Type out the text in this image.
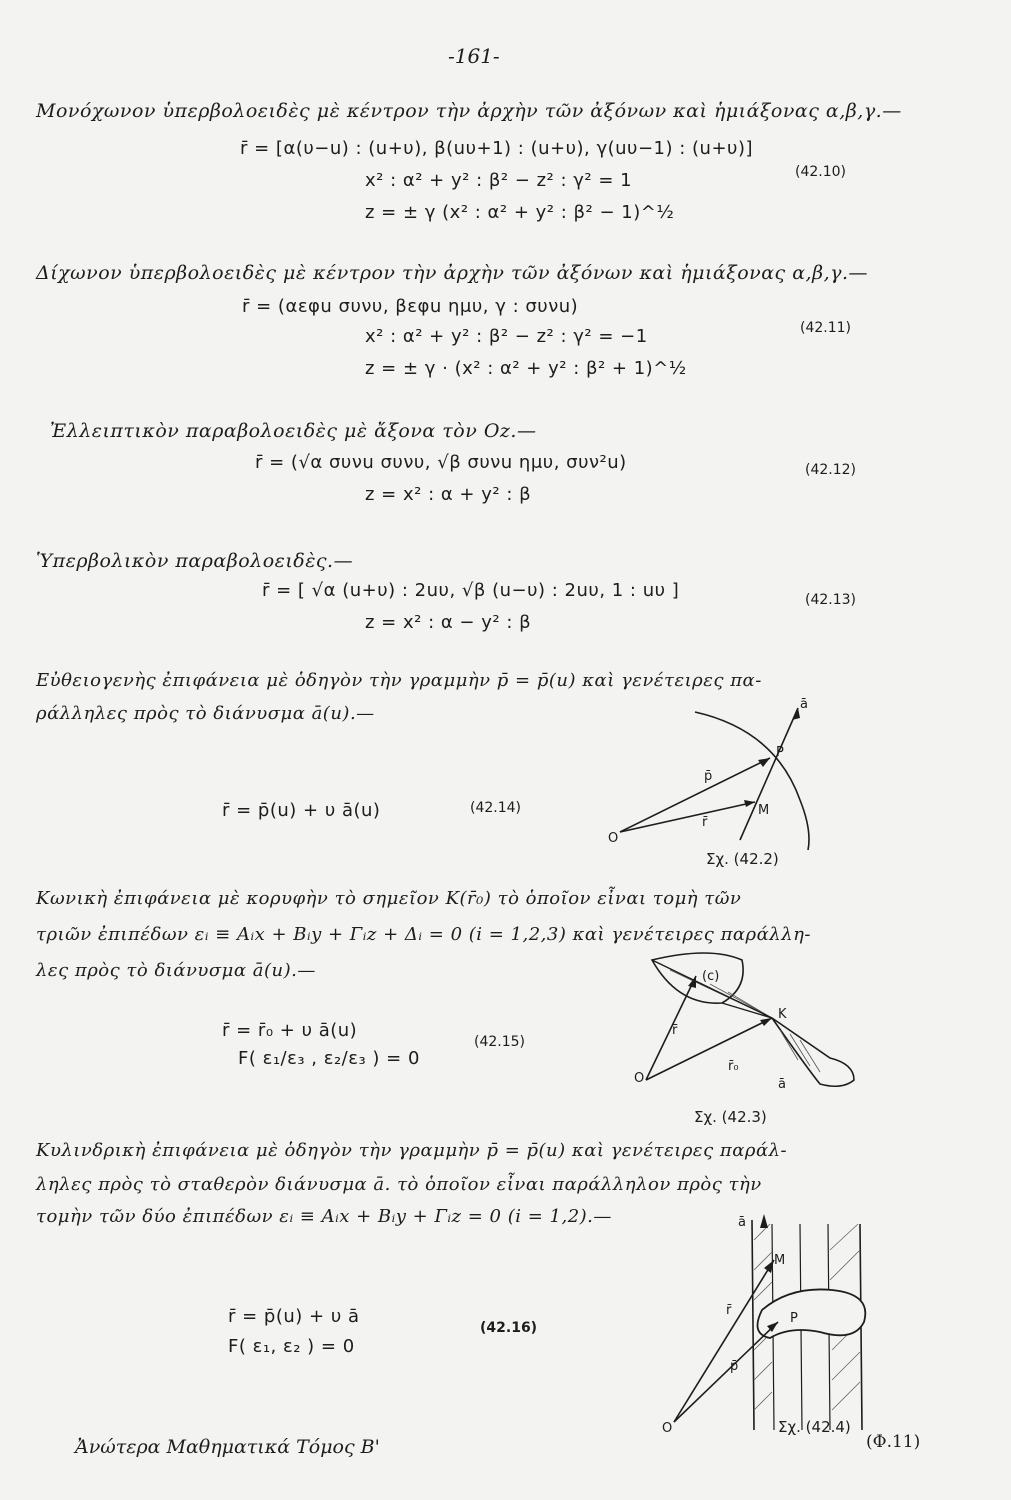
-161-
Μονόχωνον ὑπερβολοειδὲς μὲ κέντρον τὴν ἀρχὴν τῶν ἀξόνων καὶ ἡμιάξονας α,β,γ.—
r̄ = [α(υ−u) : (u+υ), β(uυ+1) : (u+υ), γ(uυ−1) : (u+υ)]
x² : α² + y² : β² − z² : γ² = 1
z = ± γ (x² : α² + y² : β² − 1)^½
(42.10)
Δίχωνον ὑπερβολοειδὲς μὲ κέντρον τὴν ἀρχὴν τῶν ἀξόνων καὶ ἡμιάξονας α,β,γ.—
r̄ = (αεφu συνυ, βεφu ημυ, γ : συνu)
x² : α² + y² : β² − z² : γ² = −1
z = ± γ · (x² : α² + y² : β² + 1)^½
(42.11)
Ἐλλειπτικὸν παραβολοειδὲς μὲ ἄξονα τὸν Οz.—
r̄ = (√α συνu συνυ, √β συνu ημυ, συν²u)
z = x² : α + y² : β
(42.12)
Ὑπερβολικὸν παραβολοειδὲς.—
r̄ = [ √α (u+υ) : 2uυ, √β (u−υ) : 2uυ, 1 : uυ ]
z = x² : α − y² : β
(42.13)
Εὐθειογενὴς ἐπιφάνεια μὲ ὁδηγὸν τὴν γραμμὴν p̄ = p̄(u) καὶ γενέτειρες πα-
ράλληλες πρὸς τὸ διάνυσμα ā(u).—
r̄ = p̄(u) + υ ā(u)	(42.14)
ā
P
p̄
M
r̄
O
Σχ. (42.2)
Κωνικὴ ἐπιφάνεια μὲ κορυφὴν τὸ σημεῖον K(r̄₀) τὸ ὁποῖον εἶναι τομὴ τῶν
τριῶν ἐπιπέδων εᵢ ≡ Aᵢx + Bᵢy + Γᵢz + Δᵢ = 0 (i = 1,2,3) καὶ γενέτειρες παράλλη-
λες πρὸς τὸ διάνυσμα ā(u).—
r̄ = r̄₀ + υ ā(u)
F( ε₁/ε₃ , ε₂/ε₃ ) = 0
(42.15)
(c)
K
r̄
r̄₀
O	ā
Σχ. (42.3)
Κυλινδρικὴ ἐπιφάνεια μὲ ὁδηγὸν τὴν γραμμὴν p̄ = p̄(u) καὶ γενέτειρες παράλ-
ληλες πρὸς τὸ σταθερὸν διάνυσμα ā. τὸ ὁποῖον εἶναι παράλληλον πρὸς τὴν
τομὴν τῶν δύο ἐπιπέδων εᵢ ≡ Aᵢx + Bᵢy + Γᵢz = 0 (i = 1,2).—
r̄ = p̄(u) + υ ā
F( ε₁, ε₂ ) = 0
(42.16)
ā
M
r̄
P
p̄
O	Σχ. (42.4)
Ἀνώτερα Μαθηματικά Τόμος Β'	(Φ.11)
